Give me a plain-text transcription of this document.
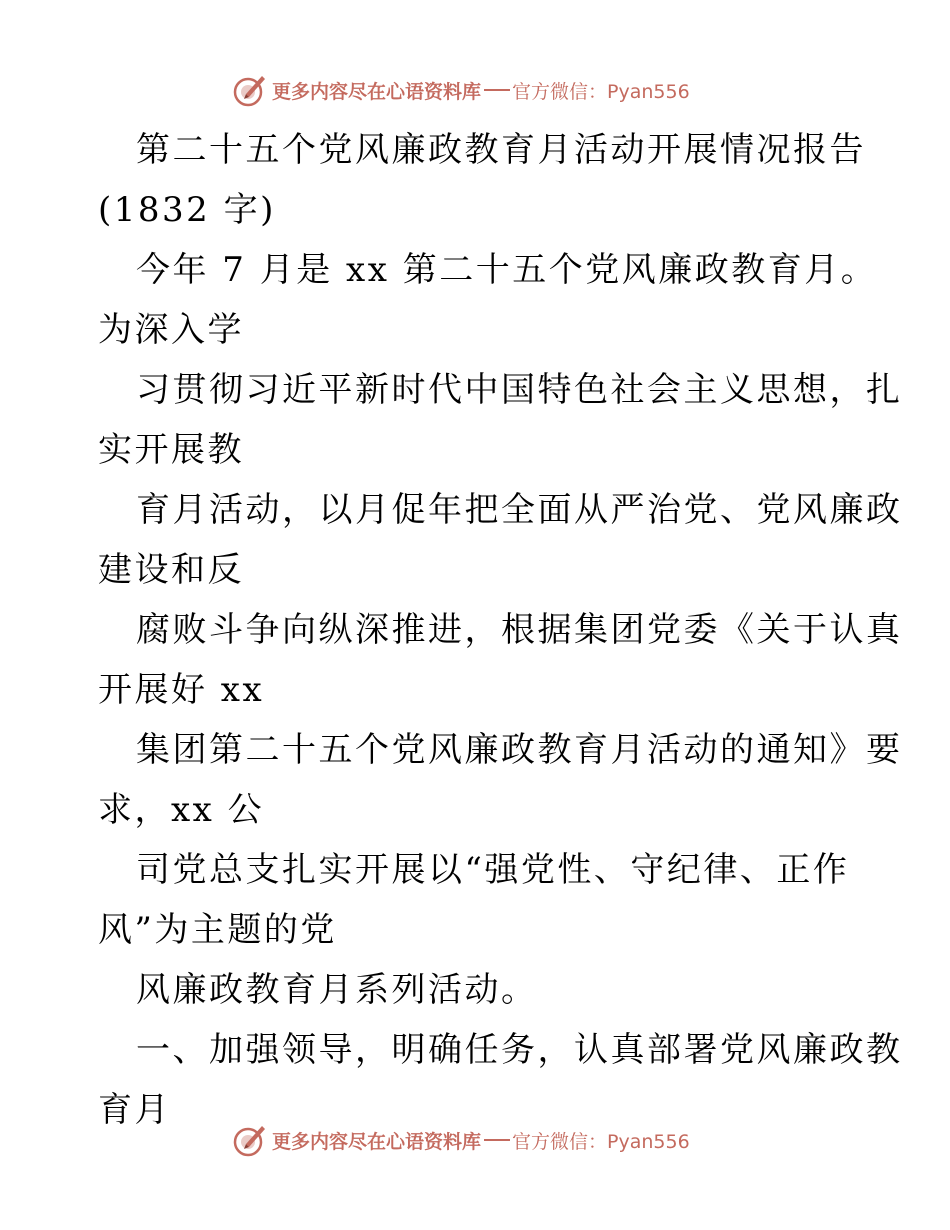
更多内容尽在心语资料库 官方微信：Pyan556
第二十五个党风廉政教育月活动开展情况报告
(1832 字)
今年 7 月是 xx 第二十五个党风廉政教育月。
为深入学
习贯彻习近平新时代中国特色社会主义思想，扎
实开展教
育月活动，以月促年把全面从严治党、党风廉政
建设和反
腐败斗争向纵深推进，根据集团党委《关于认真
开展好 xx
集团第二十五个党风廉政教育月活动的通知》要
求，xx 公
司党总支扎实开展以“强党性、守纪律、正作
风”为主题的党
风廉政教育月系列活动。
一、加强领导，明确任务，认真部署党风廉政教
育月
更多内容尽在心语资料库 官方微信：Pyan556
